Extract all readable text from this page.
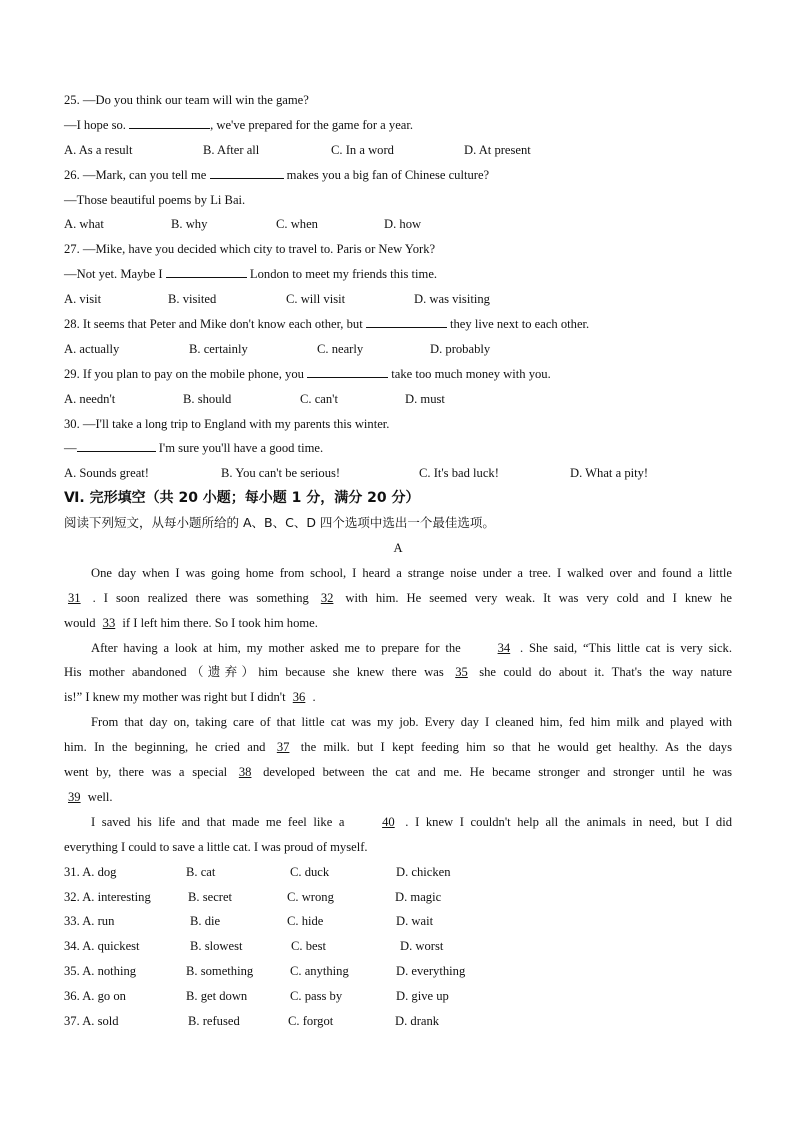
25. —Do you think our team will win the game?
—I hope so.	, we've prepared for the game for a year.
A. As a result	B. After all	C. In a word	D. At present
26. —Mark, can you tell me	makes you a big fan of Chinese culture?
—Those beautiful poems by Li Bai.
A. what	B. why	C. when	D. how
27. —Mike, have you decided which city to travel to. Paris or New York?
—Not yet. Maybe I	London to meet my friends this time.
A. visit	B. visited	C. will visit	D. was visiting
28. It seems that Peter and Mike don't know each other, but	they live next to each other.
A. actually	B. certainly	C. nearly	D. probably
29. If you plan to pay on the mobile phone, you	take too much money with you.
A. needn't	B. should	C. can't	D. must
30. —I'll take a long trip to England with my parents this winter.
—	I'm sure you'll have a good time.
A. Sounds great!	B. You can't be serious!	C. It's bad luck!	D. What a pity!
Ⅵ. 完形填空（共 20 小题；每小题 1 分，满分 20 分）
阅读下列短文，从每小题所给的 A、B、C、D 四个选项中选出一个最佳选项。
A
One day when I was going home from school, I heard a strange noise under a tree. I walked over and found a little
31 . I soon realized there was something 32 with him. He seemed very weak. It was very cold and I knew he
would 33 if I left him there. So I took him home.
After having a look at him, my mother asked me to prepare for the 34 . She said, “This little cat is very sick.
His mother abandoned（遗弃）him because she knew there was 35 she could do about it. That's the way nature
is!” I knew my mother was right but I didn't 36 .
From that day on, taking care of that little cat was my job. Every day I cleaned him, fed him milk and played with
him. In the beginning, he cried and 37 the milk. but I kept feeding him so that he would get healthy. As the days
went by, there was a special 38 developed between the cat and me. He became stronger and stronger until he was
39 well.
I saved his life and that made me feel like a 40 . I knew I couldn't help all the animals in need, but I did
everything I could to save a little cat. I was proud of myself.
31. A. dog	B. cat	C. duck	D. chicken
32. A. interesting	B. secret	C. wrong	D. magic
33. A. run	B. die	C. hide	D. wait
34. A. quickest	B. slowest	C. best	D. worst
35. A. nothing	B. something	C. anything	D. everything
36. A. go on	B. get down	C. pass by	D. give up
37. A. sold	B. refused	C. forgot	D. drank
